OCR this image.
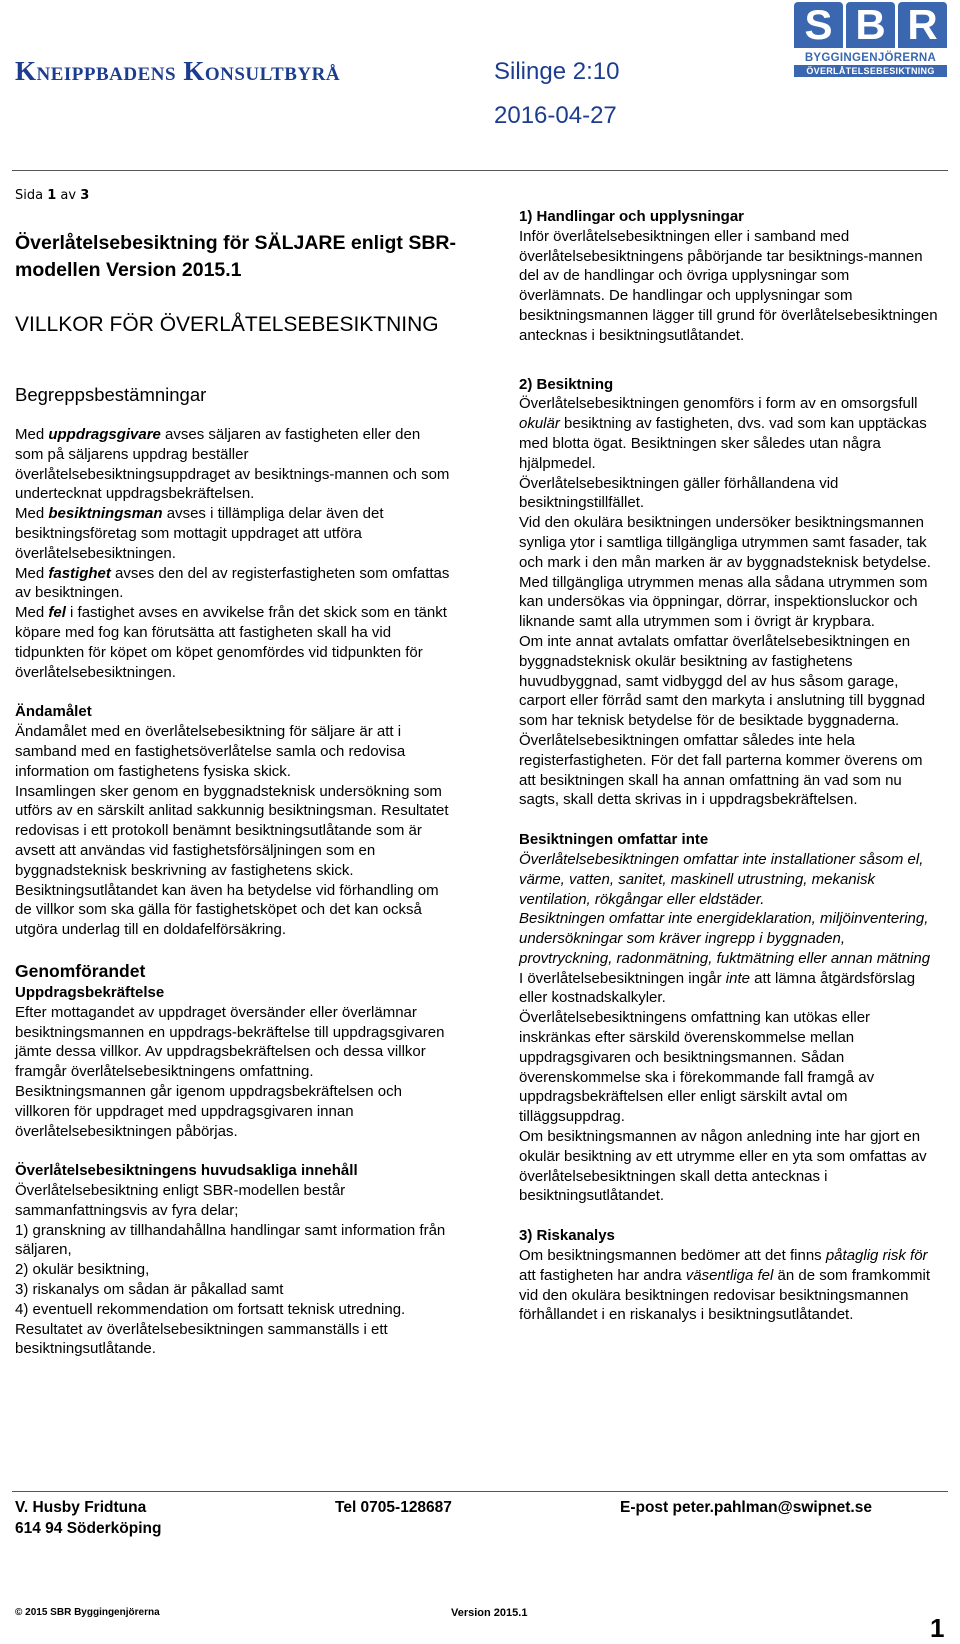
Kneippbadens Konsultbyrå	Silinge 2:10
2016-04-27
S B R
BYGGINGENJÖRERNA
ÖVERLÅTELSEBESIKTNING
Sida 1 av 3
Överlåtelsebesiktning för SÄLJARE enligt SBR-modellen Version 2015.1
VILLKOR FÖR ÖVERLÅTELSEBESIKTNING

Begreppsbestämningar

Med uppdragsgivare avses säljaren av fastigheten eller den som på säljarens uppdrag beställer överlåtelsebesiktningsuppdraget av besiktnings-mannen och som undertecknat uppdragsbekräftelsen.

Med besiktningsman avses i tillämpliga delar även det besiktningsföretag som mottagit uppdraget att utföra överlåtelsebesiktningen.

Med fastighet avses den del av registerfastigheten som omfattas av besiktningen.

Med fel i fastighet avses en avvikelse från det skick som en tänkt köpare med fog kan förutsätta att fastigheten skall ha vid tidpunkten för köpet om köpet genomfördes vid tidpunkten för överlåtelsebesiktningen.

Ändamålet

Ändamålet med en överlåtelsebesiktning för säljare är att i samband med en fastighetsöverlåtelse samla och redovisa information om fastighetens fysiska skick.

Insamlingen sker genom en byggnadsteknisk undersökning som utförs av en särskilt anlitad sakkunnig besiktningsman. Resultatet redovisas i ett protokoll benämnt besiktningsutlåtande som är avsett att användas vid fastighetsförsäljningen som en byggnadsteknisk beskrivning av fastighetens skick.

Besiktningsutlåtandet kan även ha betydelse vid förhandling om de villkor som ska gälla för fastighetsköpet och det kan också utgöra underlag till en doldafelförsäkring.

Genomförandet

Uppdragsbekräftelse

Efter mottagandet av uppdraget översänder eller överlämnar besiktningsmannen en uppdrags-bekräftelse till uppdragsgivaren jämte dessa villkor. Av uppdragsbekräftelsen och dessa villkor framgår överlåtelsebesiktningens omfattning.

Besiktningsmannen går igenom uppdragsbekräftelsen och villkoren för uppdraget med uppdragsgivaren innan överlåtelsebesiktningen påbörjas.

Överlåtelsebesiktningens huvudsakliga innehåll

Överlåtelsebesiktning enligt SBR-modellen består sammanfattningsvis av fyra delar;

1) granskning av tillhandahållna handlingar samt information från säljaren,

2) okulär besiktning,

3) riskanalys om sådan är påkallad samt

4) eventuell rekommendation om fortsatt teknisk utredning.

Resultatet av överlåtelsebesiktningen sammanställs i ett besiktningsutlåtande.

1) Handlingar och upplysningar

Inför överlåtelsebesiktningen eller i samband med överlåtelsebesiktningens påbörjande tar besiktnings-mannen del av de handlingar och övriga upplysningar som överlämnats. De handlingar och upplysningar som besiktningsmannen lägger till grund för överlåtelsebesiktningen antecknas i besiktningsutlåtandet.

2) Besiktning

Överlåtelsebesiktningen genomförs i form av en omsorgsfull okulär besiktning av fastigheten, dvs. vad som kan upptäckas med blotta ögat. Besiktningen sker således utan några hjälpmedel.

Överlåtelsebesiktningen gäller förhållandena vid besiktningstillfället.

Vid den okulära besiktningen undersöker besiktningsmannen synliga ytor i samtliga tillgängliga utrymmen samt fasader, tak och mark i den mån marken är av byggnadsteknisk betydelse. Med tillgängliga utrymmen menas alla sådana utrymmen som kan undersökas via öppningar, dörrar, inspektionsluckor och liknande samt alla utrymmen som i övrigt är krypbara.

Om inte annat avtalats omfattar överlåtelsebesiktningen en byggnadsteknisk okulär besiktning av fastighetens huvudbyggnad, samt vidbyggd del av hus såsom garage, carport eller förråd samt den markyta i anslutning till byggnad som har teknisk betydelse för de besiktade byggnaderna. Överlåtelsebesiktningen omfattar således inte hela registerfastigheten. För det fall parterna kommer överens om att besiktningen skall ha annan omfattning än vad som nu sagts, skall detta skrivas in i uppdragsbekräftelsen.

Besiktningen omfattar inte

Överlåtelsebesiktningen omfattar inte installationer såsom el, värme, vatten, sanitet, maskinell utrustning, mekanisk ventilation, rökgångar eller eldstäder.

Besiktningen omfattar inte energideklaration, miljöinventering, undersökningar som kräver ingrepp i byggnaden, provtryckning, radonmätning, fuktmätning eller annan mätning

I överlåtelsebesiktningen ingår inte att lämna åtgärdsförslag eller kostnadskalkyler.

Överlåtelsebesiktningens omfattning kan utökas eller inskränkas efter särskild överenskommelse mellan uppdragsgivaren och besiktningsmannen. Sådan överenskommelse ska i förekommande fall framgå av uppdragsbekräftelsen eller enligt särskilt avtal om tilläggsuppdrag.

Om besiktningsmannen av någon anledning inte har gjort en okulär besiktning av ett utrymme eller en yta som omfattas av överlåtelsebesiktningen skall detta antecknas i besiktningsutlåtandet.

3) Riskanalys

Om besiktningsmannen bedömer att det finns påtaglig risk för att fastigheten har andra väsentliga fel än de som framkommit vid den okulära besiktningen redovisar besiktningsmannen förhållandet i en riskanalys i besiktningsutlåtandet.

V. Husby Fridtuna
614 94 Söderköping
Tel 0705-128687	E-post peter.pahlman@swipnet.se
© 2015 SBR Byggingenjörerna	Version 2015.1	1
